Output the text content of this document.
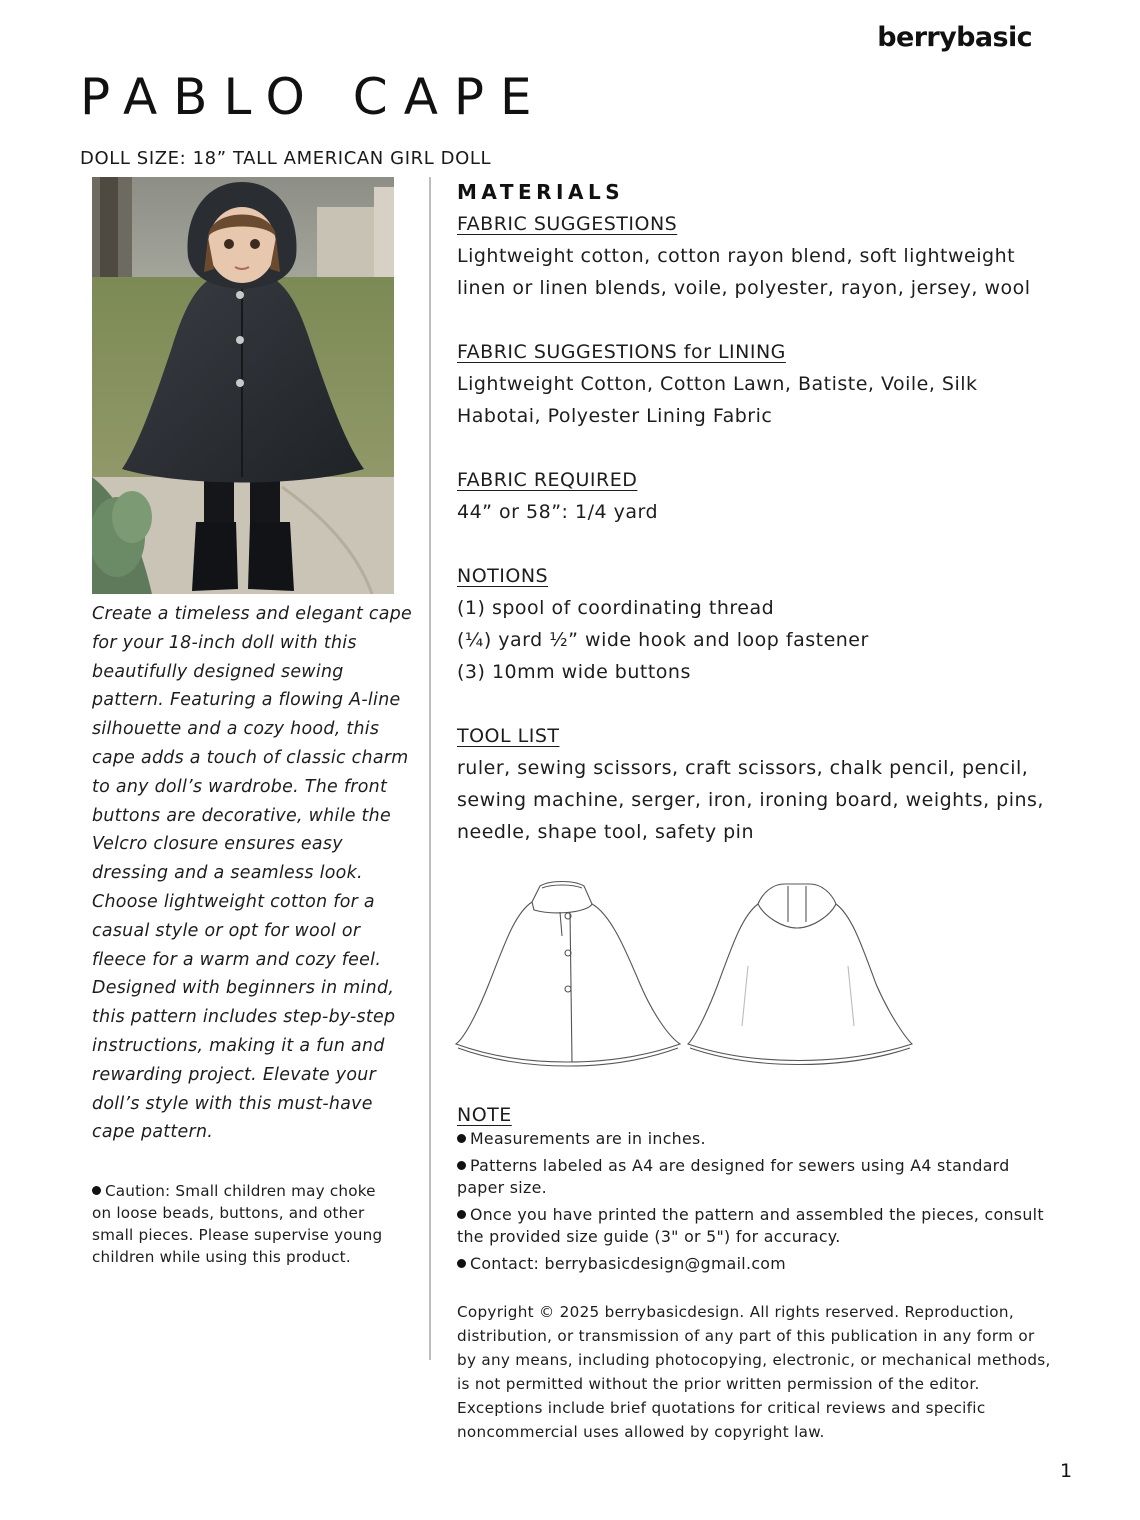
berrybasic
PABLO CAPE
DOLL SIZE: 18” TALL AMERICAN GIRL DOLL
Create a timeless and elegant cape
for your 18-inch doll with this
beautifully designed sewing
pattern. Featuring a flowing A-line
silhouette and a cozy hood, this
cape adds a touch of classic charm
to any doll’s wardrobe. The front
buttons are decorative, while the
Velcro closure ensures easy
dressing and a seamless look.
Choose lightweight cotton for a
casual style or opt for wool or
fleece for a warm and cozy feel.
Designed with beginners in mind,
this pattern includes step-by-step
instructions, making it a fun and
rewarding project. Elevate your
doll’s style with this must-have
cape pattern.
Caution: Small children may choke
on loose beads, buttons, and other
small pieces. Please supervise young
children while using this product.
MATERIALS
FABRIC SUGGESTIONS
Lightweight cotton, cotton rayon blend, soft lightweight
linen or linen blends, voile, polyester, rayon, jersey, wool
FABRIC SUGGESTIONS for LINING
Lightweight Cotton, Cotton Lawn, Batiste, Voile, Silk
Habotai, Polyester Lining Fabric
FABRIC REQUIRED
44” or 58”: 1/4 yard
NOTIONS
(1) spool of coordinating thread
(¼) yard ½” wide hook and loop fastener
(3) 10mm wide buttons
TOOL LIST
ruler, sewing scissors, craft scissors, chalk pencil, pencil,
sewing machine, serger, iron, ironing board, weights, pins,
needle, shape tool, safety pin
NOTE
Measurements are in inches.
Patterns labeled as A4 are designed for sewers using A4 standard
paper size.
Once you have printed the pattern and assembled the pieces, consult
the provided size guide (3" or 5") for accuracy.
Contact: berrybasicdesign@gmail.com
Copyright © 2025 berrybasicdesign. All rights reserved. Reproduction,
distribution, or transmission of any part of this publication in any form or
by any means, including photocopying, electronic, or mechanical methods,
is not permitted without the prior written permission of the editor.
Exceptions include brief quotations for critical reviews and specific
noncommercial uses allowed by copyright law.
1
